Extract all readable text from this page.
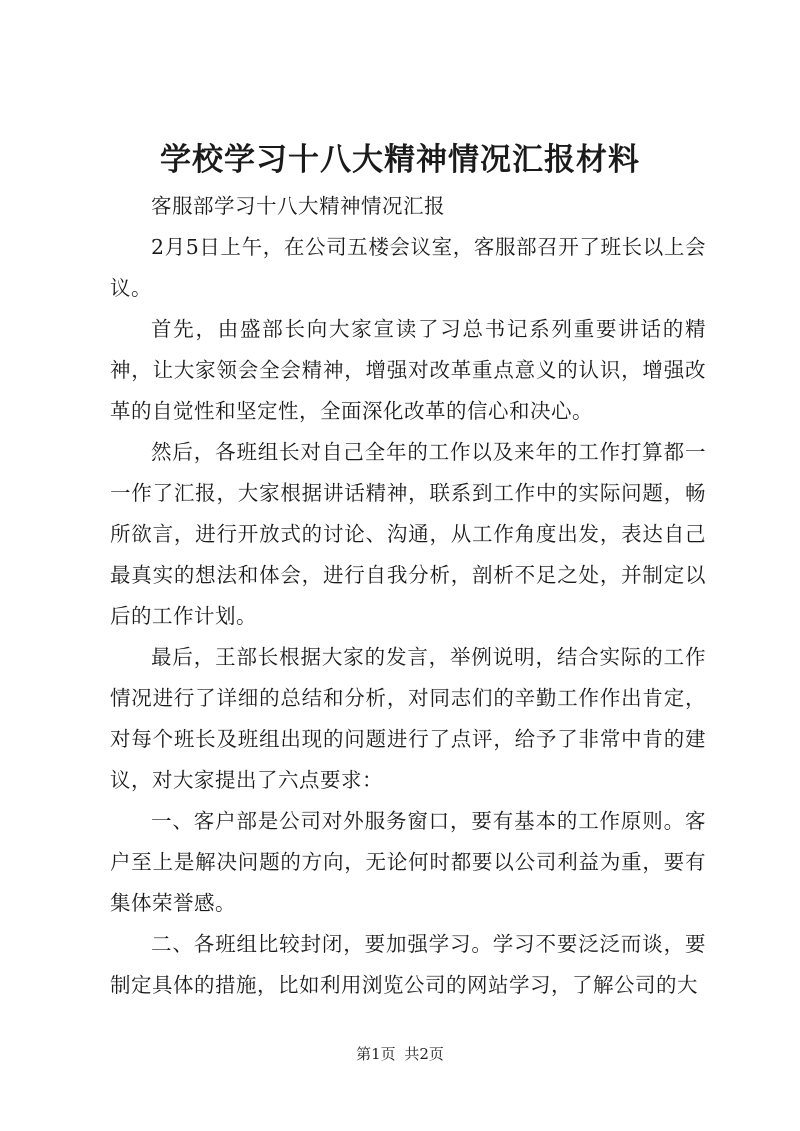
学校学习十八大精神情况汇报材料

客服部学习十八大精神情况汇报

2月5日上午，在公司五楼会议室，客服部召开了班长以上会议。

首先，由盛部长向大家宣读了习总书记系列重要讲话的精神，让大家领会全会精神，增强对改革重点意义的认识，增强改革的自觉性和坚定性，全面深化改革的信心和决心。

然后，各班组长对自己全年的工作以及来年的工作打算都一一作了汇报，大家根据讲话精神，联系到工作中的实际问题，畅所欲言，进行开放式的讨论、沟通，从工作角度出发，表达自己最真实的想法和体会，进行自我分析，剖析不足之处，并制定以后的工作计划。

最后，王部长根据大家的发言，举例说明，结合实际的工作情况进行了详细的总结和分析，对同志们的辛勤工作作出肯定，对每个班长及班组出现的问题进行了点评，给予了非常中肯的建议，对大家提出了六点要求：

一、客户部是公司对外服务窗口，要有基本的工作原则。客户至上是解决问题的方向，无论何时都要以公司利益为重，要有集体荣誉感。

二、各班组比较封闭，要加强学习。学习不要泛泛而谈，要制定具体的措施，比如利用浏览公司的网站学习，了解公司的大

第1页 共2页
